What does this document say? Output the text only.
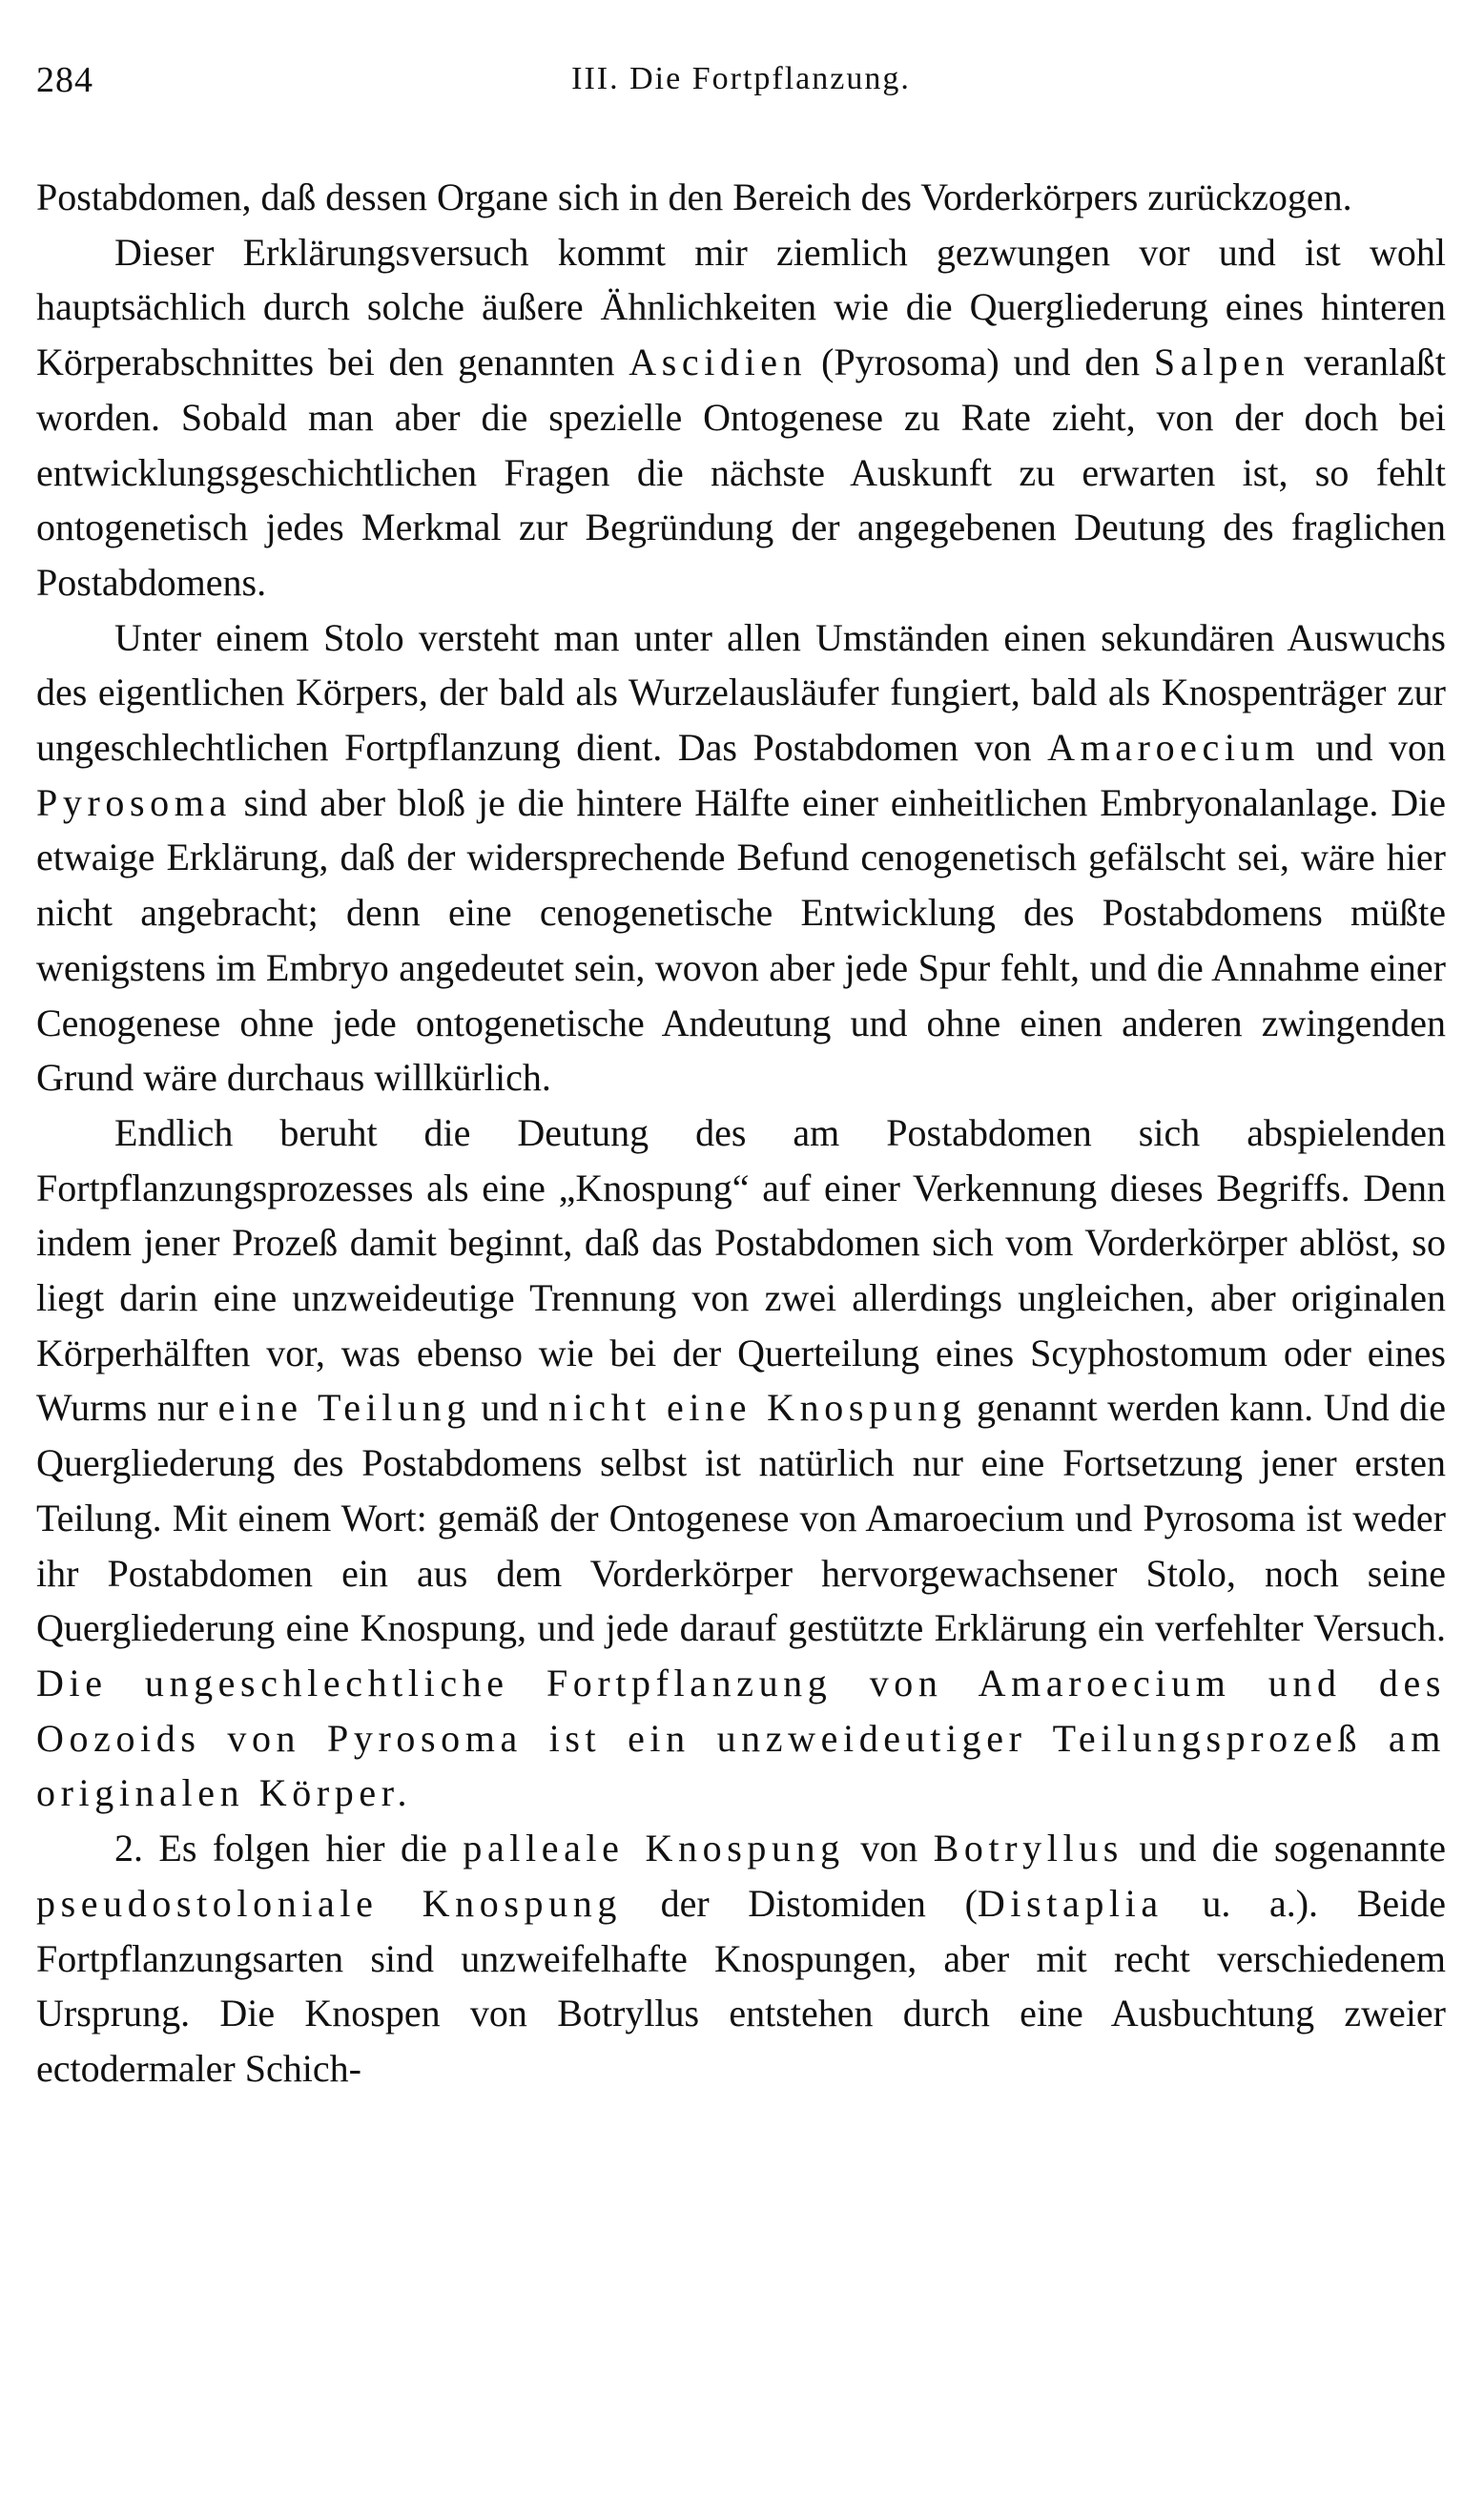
284	III. Die Fortpflanzung.

Postabdomen, daß dessen Organe sich in den Bereich des Vorderkörpers zurückzogen.

Dieser Erklärungsversuch kommt mir ziemlich gezwungen vor und ist wohl hauptsächlich durch solche äußere Ähnlichkeiten wie die Quergliederung eines hinteren Körperabschnittes bei den genannten Ascidien (Pyrosoma) und den Salpen veranlaßt worden. Sobald man aber die spezielle Ontogenese zu Rate zieht, von der doch bei entwicklungsgeschichtlichen Fragen die nächste Auskunft zu erwarten ist, so fehlt ontogenetisch jedes Merkmal zur Begründung der angegebenen Deutung des fraglichen Postabdomens.

Unter einem Stolo versteht man unter allen Umständen einen sekundären Auswuchs des eigentlichen Körpers, der bald als Wurzelausläufer fungiert, bald als Knospenträger zur ungeschlechtlichen Fortpflanzung dient. Das Postabdomen von Amaroecium und von Pyrosoma sind aber bloß je die hintere Hälfte einer einheitlichen Embryonalanlage. Die etwaige Erklärung, daß der widersprechende Befund cenogenetisch gefälscht sei, wäre hier nicht angebracht; denn eine cenogenetische Entwicklung des Postabdomens müßte wenigstens im Embryo angedeutet sein, wovon aber jede Spur fehlt, und die Annahme einer Cenogenese ohne jede ontogenetische Andeutung und ohne einen anderen zwingenden Grund wäre durchaus willkürlich.

Endlich beruht die Deutung des am Postabdomen sich abspielenden Fortpflanzungsprozesses als eine „Knospung“ auf einer Verkennung dieses Begriffs. Denn indem jener Prozeß damit beginnt, daß das Postabdomen sich vom Vorderkörper ablöst, so liegt darin eine unzweideutige Trennung von zwei allerdings ungleichen, aber originalen Körperhälften vor, was ebenso wie bei der Querteilung eines Scyphostomum oder eines Wurms nur eine Teilung und nicht eine Knospung genannt werden kann. Und die Quergliederung des Postabdomens selbst ist natürlich nur eine Fortsetzung jener ersten Teilung. Mit einem Wort: gemäß der Ontogenese von Amaroecium und Pyrosoma ist weder ihr Postabdomen ein aus dem Vorderkörper hervorgewachsener Stolo, noch seine Quergliederung eine Knospung, und jede darauf gestützte Erklärung ein verfehlter Versuch. Die ungeschlechtliche Fortpflanzung von Amaroecium und des Oozoids von Pyrosoma ist ein unzweideutiger Teilungsprozeß am originalen Körper.

2. Es folgen hier die palleale Knospung von Botryllus und die sogenannte pseudostoloniale Knospung der Distomiden (Distaplia u. a.). Beide Fortpflanzungsarten sind unzweifelhafte Knospungen, aber mit recht verschiedenem Ursprung. Die Knospen von Botryllus entstehen durch eine Ausbuchtung zweier ectodermaler Schich-
